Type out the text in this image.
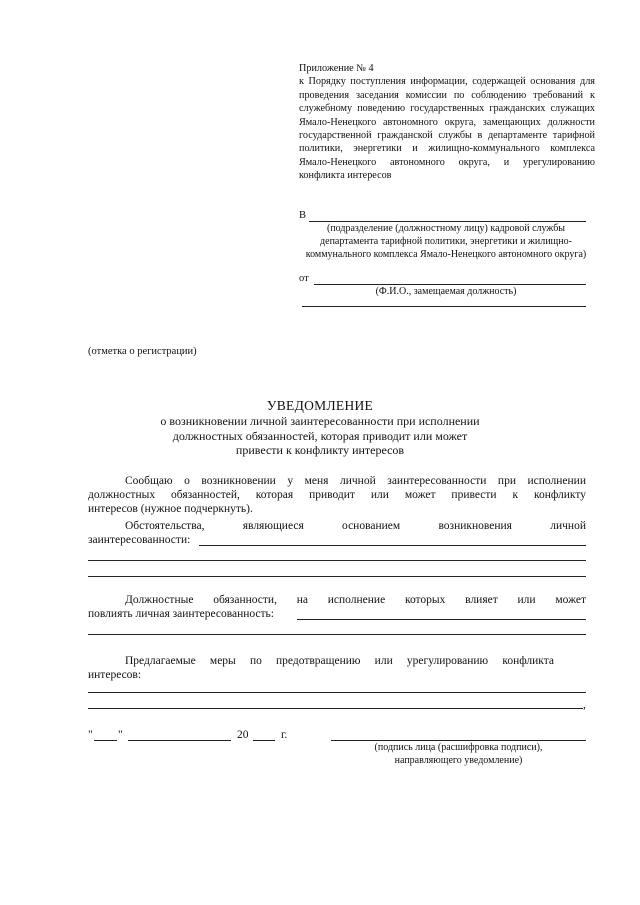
Приложение № 4
к Порядку поступления информации, содержащей основания для проведения заседания комиссии по соблюдению требований к служебному поведению государственных гражданских служащих Ямало-Ненецкого автономного округа, замещающих должности государственной гражданской службы в департаменте тарифной политики, энергетики и жилищно-коммунального комплекса Ямало-Ненецкого автономного округа, и урегулированию конфликта интересов
В
(подразделение (должностному лицу) кадровой службы департамента тарифной политики, энергетики и жилищно-коммунального комплекса Ямало-Ненецкого автономного округа)
от
(Ф.И.О., замещаемая должность)
(отметка о регистрации)
УВЕДОМЛЕНИЕ
о возникновении личной заинтересованности при исполнении
должностных обязанностей, которая приводит или может
привести к конфликту интересов
Сообщаю о возникновении у меня личной заинтересованности при исполнении
должностных обязанностей, которая приводит или может привести к конфликту
интересов (нужное подчеркнуть).
Обстоятельства, являющиеся основанием возникновения личной
заинтересованности:
Должностные обязанности, на исполнение которых влияет или может
повлиять личная заинтересованность:
Предлагаемые меры по предотвращению или урегулированию конфликта
интересов:
,
" "	20	г.
(подпись лица (расшифровка подписи),
направляющего уведомление)
